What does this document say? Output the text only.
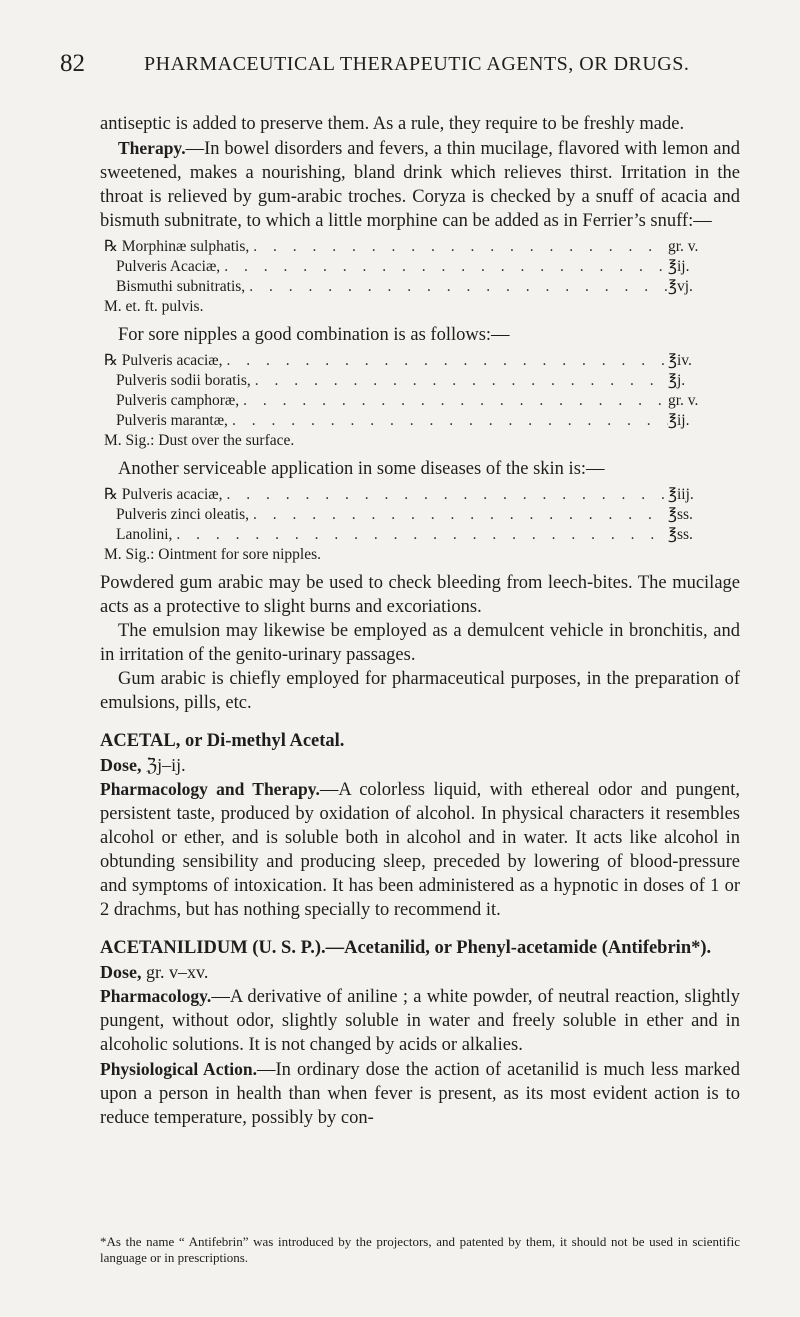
82	PHARMACEUTICAL THERAPEUTIC AGENTS, OR DRUGS.

antiseptic is added to preserve them. As a rule, they require to be freshly made.

Therapy.—In bowel disorders and fevers, a thin mucilage, flavored with lemon and sweetened, makes a nourishing, bland drink which relieves thirst. Irritation in the throat is relieved by gum-arabic troches. Coryza is checked by a snuff of acacia and bismuth subnitrate, to which a little morphine can be added as in Ferrier’s snuff:—

℞ Morphinæ sulphatis, . . .	gr. v.
Pulveris Acaciæ, . . .	℥ij.
Bismuthi subnitratis, . . .	℥vj.
M. et. ft. pulvis.

For sore nipples a good combination is as follows:—

℞ Pulveris acaciæ, . . .	℥iv.
Pulveris sodii boratis, . . .	℥j.
Pulveris camphoræ, . . .	gr. v.
Pulveris marantæ, . . .	℥ij.
M. Sig.: Dust over the surface.

Another serviceable application in some diseases of the skin is:—

℞ Pulveris acaciæ, . . .	℥iij.
Pulveris zinci oleatis, . . .	℥ss.
Lanolini, . . .	℥ss.
M. Sig.: Ointment for sore nipples.

Powdered gum arabic may be used to check bleeding from leech-bites. The mucilage acts as a protective to slight burns and excoriations.

The emulsion may likewise be employed as a demulcent vehicle in bronchitis, and in irritation of the genito-urinary passages.

Gum arabic is chiefly employed for pharmaceutical purposes, in the preparation of emulsions, pills, etc.

ACETAL, or Di-methyl Acetal.
Dose, ℨj–ij.

Pharmacology and Therapy.—A colorless liquid, with ethereal odor and pungent, persistent taste, produced by oxidation of alcohol. In physical characters it resembles alcohol or ether, and is soluble both in alcohol and in water. It acts like alcohol in obtunding sensibility and producing sleep, preceded by lowering of blood-pressure and symptoms of intoxication. It has been administered as a hypnotic in doses of 1 or 2 drachms, but has nothing specially to recommend it.

ACETANILIDUM (U. S. P.).—Acetanilid, or Phenyl-acetamide (Antifebrin*).
Dose, gr. v–xv.

Pharmacology.—A derivative of aniline ; a white powder, of neutral reaction, slightly pungent, without odor, slightly soluble in water and freely soluble in ether and in alcoholic solutions. It is not changed by acids or alkalies.

Physiological Action.—In ordinary dose the action of acetanilid is much less marked upon a person in health than when fever is present, as its most evident action is to reduce temperature, possibly by con-

*As the name “ Antifebrin” was introduced by the projectors, and patented by them, it should not be used in scientific language or in prescriptions.
